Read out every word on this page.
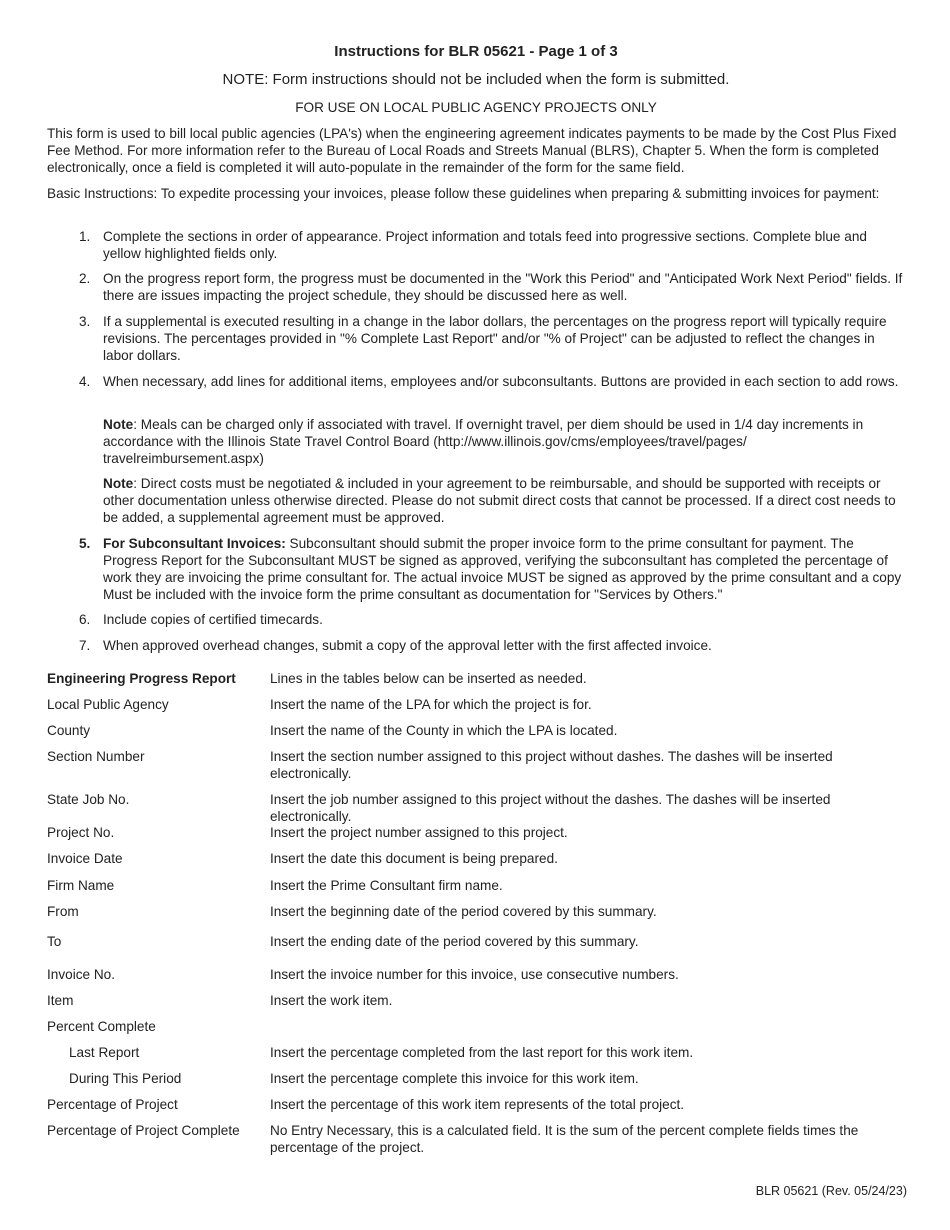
Instructions for BLR 05621 - Page 1 of 3
NOTE: Form instructions should not be included when the form is submitted.
FOR USE ON LOCAL PUBLIC AGENCY PROJECTS ONLY
This form is used to bill local public agencies (LPA's) when the engineering agreement indicates payments to be made by the Cost Plus Fixed Fee Method. For more information refer to the Bureau of Local Roads and Streets Manual (BLRS), Chapter 5. When the form is completed electronically, once a field is completed it will auto-populate in the remainder of the form for the same field.
Basic Instructions: To expedite processing your invoices, please follow these guidelines when preparing & submitting invoices for payment:
1. Complete the sections in order of appearance. Project information and totals feed into progressive sections. Complete blue and yellow highlighted fields only.
2. On the progress report form, the progress must be documented in the "Work this Period" and "Anticipated Work Next Period" fields. If there are issues impacting the project schedule, they should be discussed here as well.
3. If a supplemental is executed resulting in a change in the labor dollars, the percentages on the progress report will typically require revisions. The percentages provided in "% Complete Last Report" and/or "% of Project" can be adjusted to reflect the changes in labor dollars.
4. When necessary, add lines for additional items, employees and/or subconsultants. Buttons are provided in each section to add rows.
Note: Meals can be charged only if associated with travel. If overnight travel, per diem should be used in 1/4 day increments in accordance with the Illinois State Travel Control Board (http://www.illinois.gov/cms/employees/travel/pages/ travelreimbursement.aspx)
Note: Direct costs must be negotiated & included in your agreement to be reimbursable, and should be supported with receipts or other documentation unless otherwise directed. Please do not submit direct costs that cannot be processed. If a direct cost needs to be added, a supplemental agreement must be approved.
5. For Subconsultant Invoices: Subconsultant should submit the proper invoice form to the prime consultant for payment. The Progress Report for the Subconsultant MUST be signed as approved, verifying the subconsultant has completed the percentage of work they are invoicing the prime consultant for. The actual invoice MUST be signed as approved by the prime consultant and a copy Must be included with the invoice form the prime consultant as documentation for "Services by Others."
6. Include copies of certified timecards.
7. When approved overhead changes, submit a copy of the approval letter with the first affected invoice.
Engineering Progress Report	Lines in the tables below can be inserted as needed.
Local Public Agency	Insert the name of the LPA for which the project is for.
County	Insert the name of the County in which the LPA is located.
Section Number	Insert the section number assigned to this project without dashes. The dashes will be inserted electronically.
State Job No.	Insert the job number assigned to this project without the dashes. The dashes will be inserted electronically.
Project No.	Insert the project number assigned to this project.
Invoice Date	Insert the date this document is being prepared.
Firm Name	Insert the Prime Consultant firm name.
From	Insert the beginning date of the period covered by this summary.
To	Insert the ending date of the period covered by this summary.
Invoice No.	Insert the invoice number for this invoice, use consecutive numbers.
Item	Insert the work item.
Percent Complete
Last Report	Insert the percentage completed from the last report for this work item.
During This Period	Insert the percentage complete this invoice for this work item.
Percentage of Project	Insert the percentage of this work item represents of the total project.
Percentage of Project Complete	No Entry Necessary, this is a calculated field. It is the sum of the percent complete fields times the percentage of the project.
BLR 05621 (Rev. 05/24/23)
